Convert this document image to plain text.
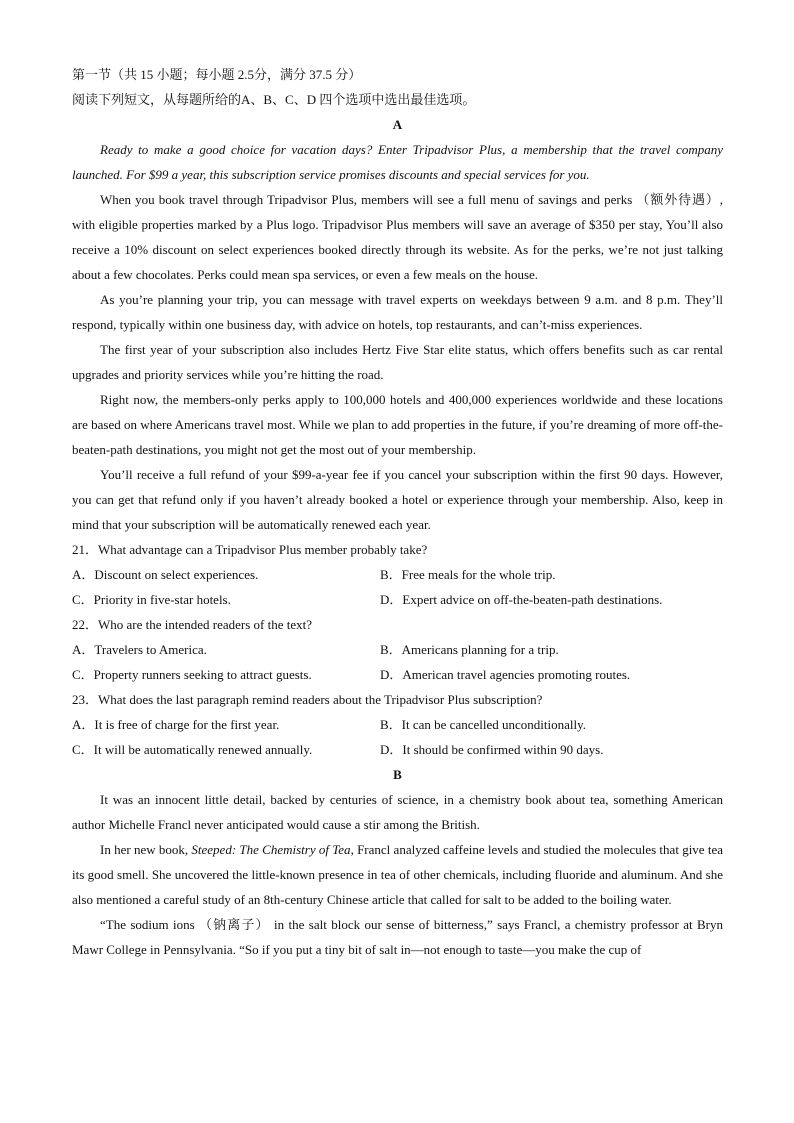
第一节（共 15 小题；每小题 2.5分，满分 37.5 分）
阅读下列短文，从每题所给的A、B、C、D 四个选项中选出最佳选项。
A
Ready to make a good choice for vacation days? Enter Tripadvisor Plus, a membership that the travel company launched. For $99 a year, this subscription service promises discounts and special services for you.
When you book travel through Tripadvisor Plus, members will see a full menu of savings and perks （额外待遇）, with eligible properties marked by a Plus logo. Tripadvisor Plus members will save an average of $350 per stay, You’ll also receive a 10% discount on select experiences booked directly through its website. As for the perks, we’re not just talking about a few chocolates. Perks could mean spa services, or even a few meals on the house.
As you’re planning your trip, you can message with travel experts on weekdays between 9 a.m. and 8 p.m. They’ll respond, typically within one business day, with advice on hotels, top restaurants, and can’t-miss experiences.
The first year of your subscription also includes Hertz Five Star elite status, which offers benefits such as car rental upgrades and priority services while you’re hitting the road.
Right now, the members-only perks apply to 100,000 hotels and 400,000 experiences worldwide and these locations are based on where Americans travel most. While we plan to add properties in the future, if you’re dreaming of more off-the-beaten-path destinations, you might not get the most out of your membership.
You’ll receive a full refund of your $99-a-year fee if you cancel your subscription within the first 90 days. However, you can get that refund only if you haven’t already booked a hotel or experience through your membership. Also, keep in mind that your subscription will be automatically renewed each year.
21．What advantage can a Tripadvisor Plus member probably take?
A．Discount on select experiences.	B．Free meals for the whole trip.
C．Priority in five-star hotels.	D．Expert advice on off-the-beaten-path destinations.
22．Who are the intended readers of the text?
A．Travelers to America.	B．Americans planning for a trip.
C．Property runners seeking to attract guests.	D．American travel agencies promoting routes.
23．What does the last paragraph remind readers about the Tripadvisor Plus subscription?
A．It is free of charge for the first year.	B．It can be cancelled unconditionally.
C．It will be automatically renewed annually.	D．It should be confirmed within 90 days.
B
It was an innocent little detail, backed by centuries of science, in a chemistry book about tea, something American author Michelle Francl never anticipated would cause a stir among the British.
In her new book, Steeped: The Chemistry of Tea, Francl analyzed caffeine levels and studied the molecules that give tea its good smell. She uncovered the little-known presence in tea of other chemicals, including fluoride and aluminum. And she also mentioned a careful study of an 8th-century Chinese article that called for salt to be added to the boiling water.
“The sodium ions （钠离子） in the salt block our sense of bitterness,” says Francl, a chemistry professor at Bryn Mawr College in Pennsylvania. “So if you put a tiny bit of salt in—not enough to taste—you make the cup of
